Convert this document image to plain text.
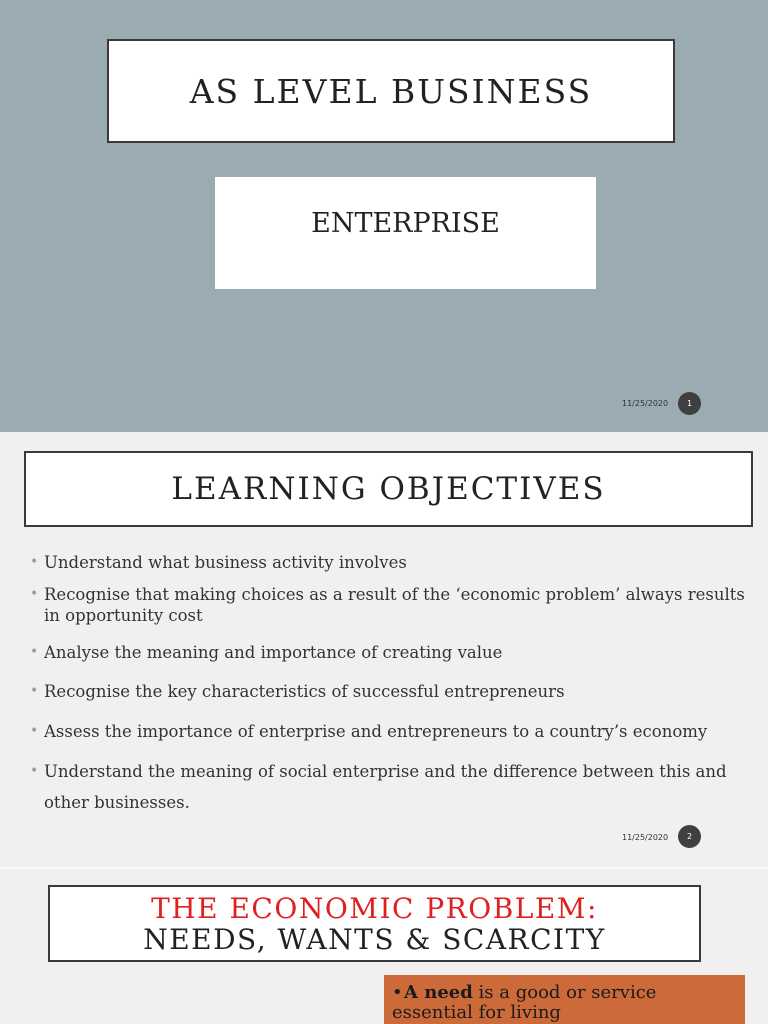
AS LEVEL BUSINESS
ENTERPRISE
11/25/2020	1
LEARNING OBJECTIVES
• Understand what business activity involves
• Recognise that making choices as a result of the ‘economic problem’ always results in opportunity cost
• Analyse the meaning and importance of creating value
• Recognise the key characteristics of successful entrepreneurs
• Assess the importance of enterprise and entrepreneurs to a country’s economy
• Understand the meaning of social enterprise and the difference between this and other businesses.
11/25/2020	2
THE ECONOMIC PROBLEM:
NEEDS, WANTS & SCARCITY
•A need is a good or service essential for living
